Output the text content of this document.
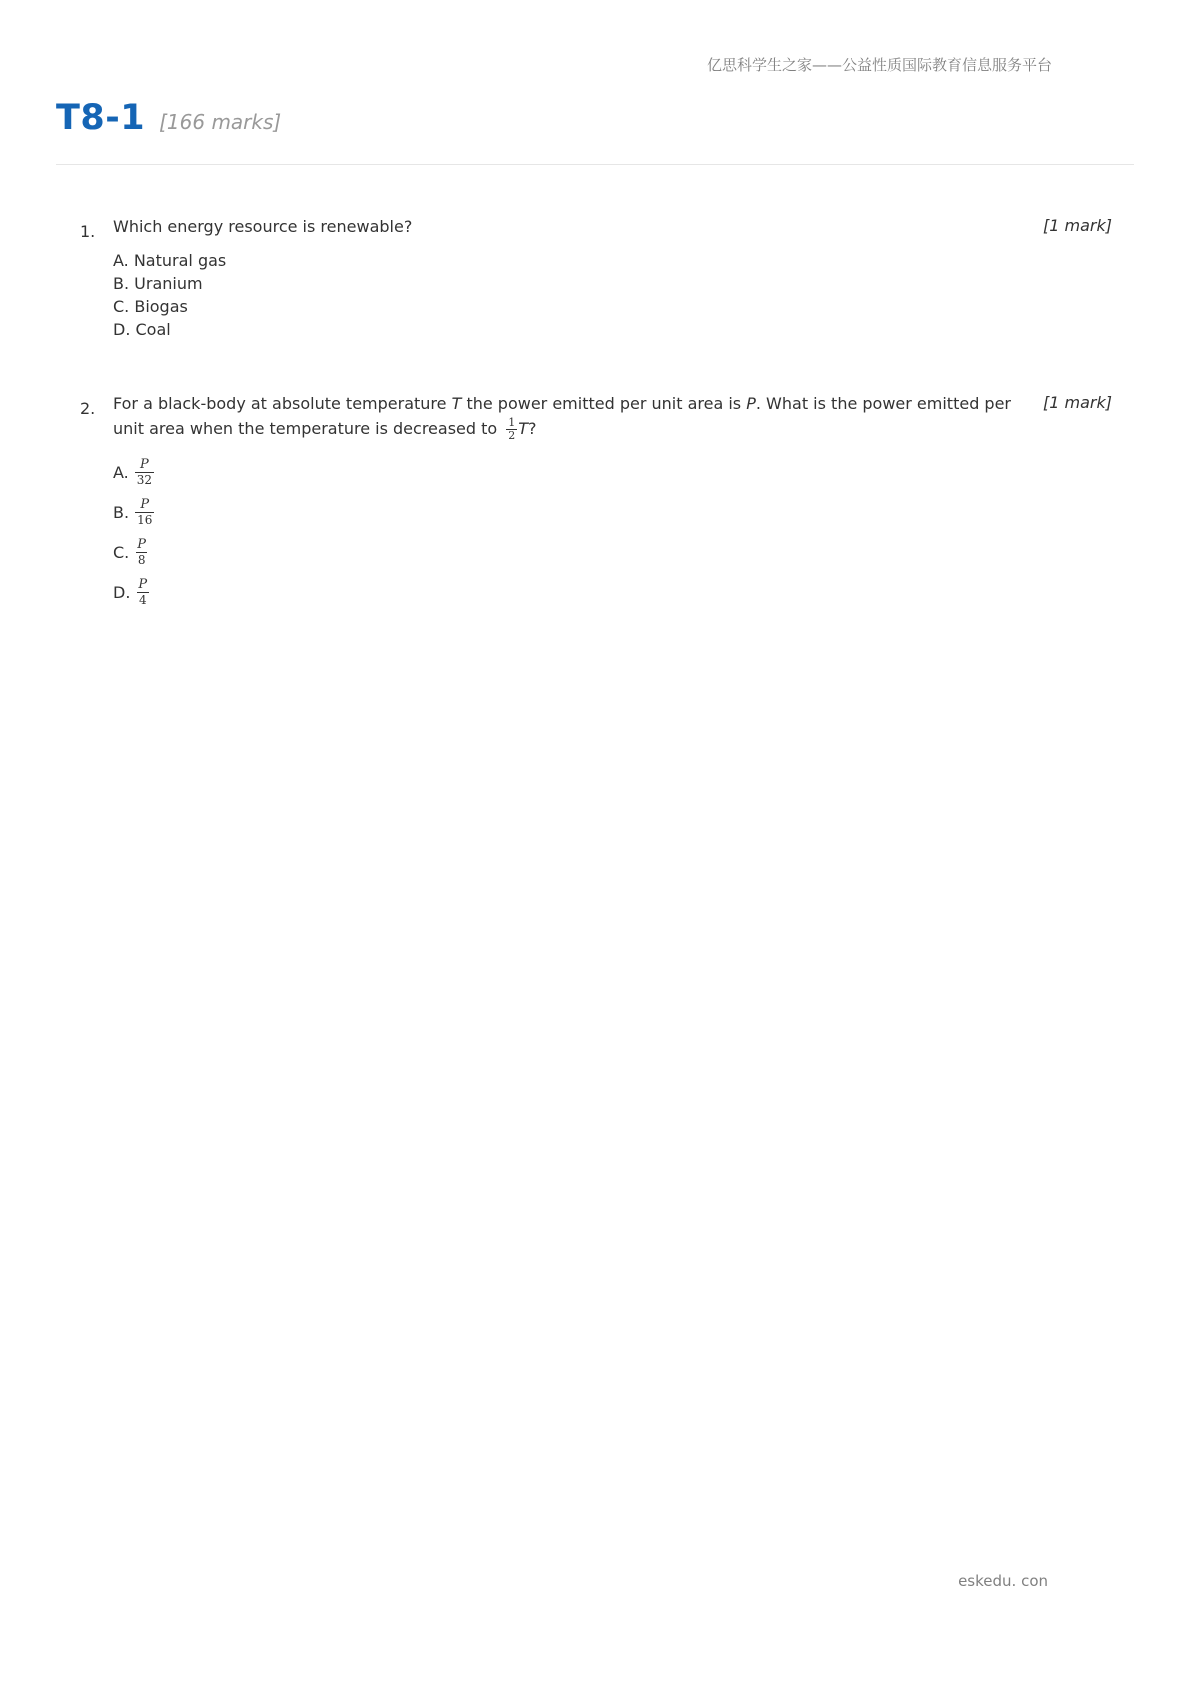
亿思科学生之家——公益性质国际教育信息服务平台
T8-1 [166 marks]
1.	[1 mark]
Which energy resource is renewable?
A. Natural gas
B. Uranium
C. Biogas
D. Coal
2.	[1 mark]
For a black-body at absolute temperature T the power emitted per unit area is P. What is the power emitted per unit area when the temperature is decreased to $\frac{1}{2} T$?
A. $\frac{P}{32}$
B. $\frac{P}{16}$
C. $\frac{P}{8}$
D. $\frac{P}{4}$
eskedu. con
